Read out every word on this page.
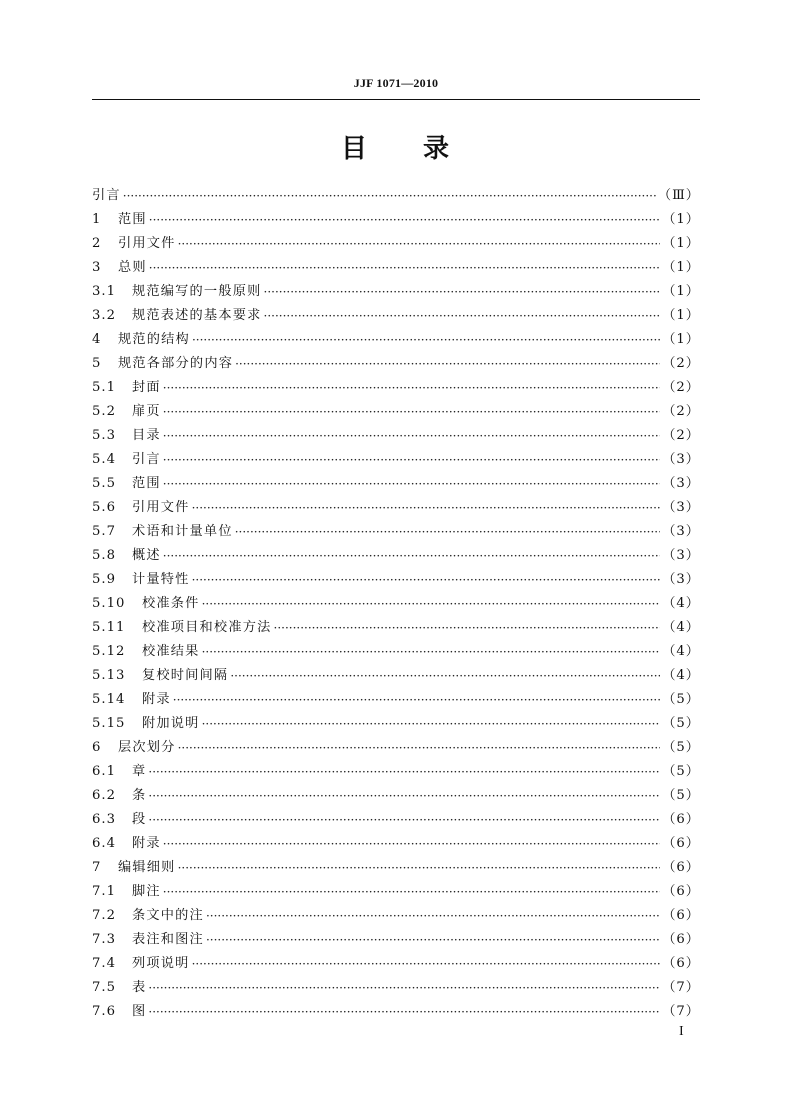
JJF 1071—2010
目 录
引言 ·····	（Ⅲ）
1	范围 ·····	（1）
2	引用文件 ·····	（1）
3	总则 ·····	（1）
3.1	规范编写的一般原则 ·····	（1）
3.2	规范表述的基本要求 ·····	（1）
4	规范的结构 ·····	（1）
5	规范各部分的内容 ·····	（2）
5.1	封面 ·····	（2）
5.2	扉页 ·····	（2）
5.3	目录 ·····	（2）
5.4	引言 ·····	（3）
5.5	范围 ·····	（3）
5.6	引用文件 ·····	（3）
5.7	术语和计量单位 ·····	（3）
5.8	概述 ·····	（3）
5.9	计量特性 ·····	（3）
5.10	校准条件 ·····	（4）
5.11	校准项目和校准方法 ·····	（4）
5.12	校准结果 ·····	（4）
5.13	复校时间间隔 ·····	（4）
5.14	附录 ·····	（5）
5.15	附加说明 ·····	（5）
6	层次划分 ·····	（5）
6.1	章 ·····	（5）
6.2	条 ·····	（5）
6.3	段 ·····	（6）
6.4	附录 ·····	（6）
7	编辑细则 ·····	（6）
7.1	脚注 ·····	（6）
7.2	条文中的注 ·····	（6）
7.3	表注和图注 ·····	（6）
7.4	列项说明 ·····	（6）
7.5	表 ·····	（7）
7.6	图 ·····	（7）
I
